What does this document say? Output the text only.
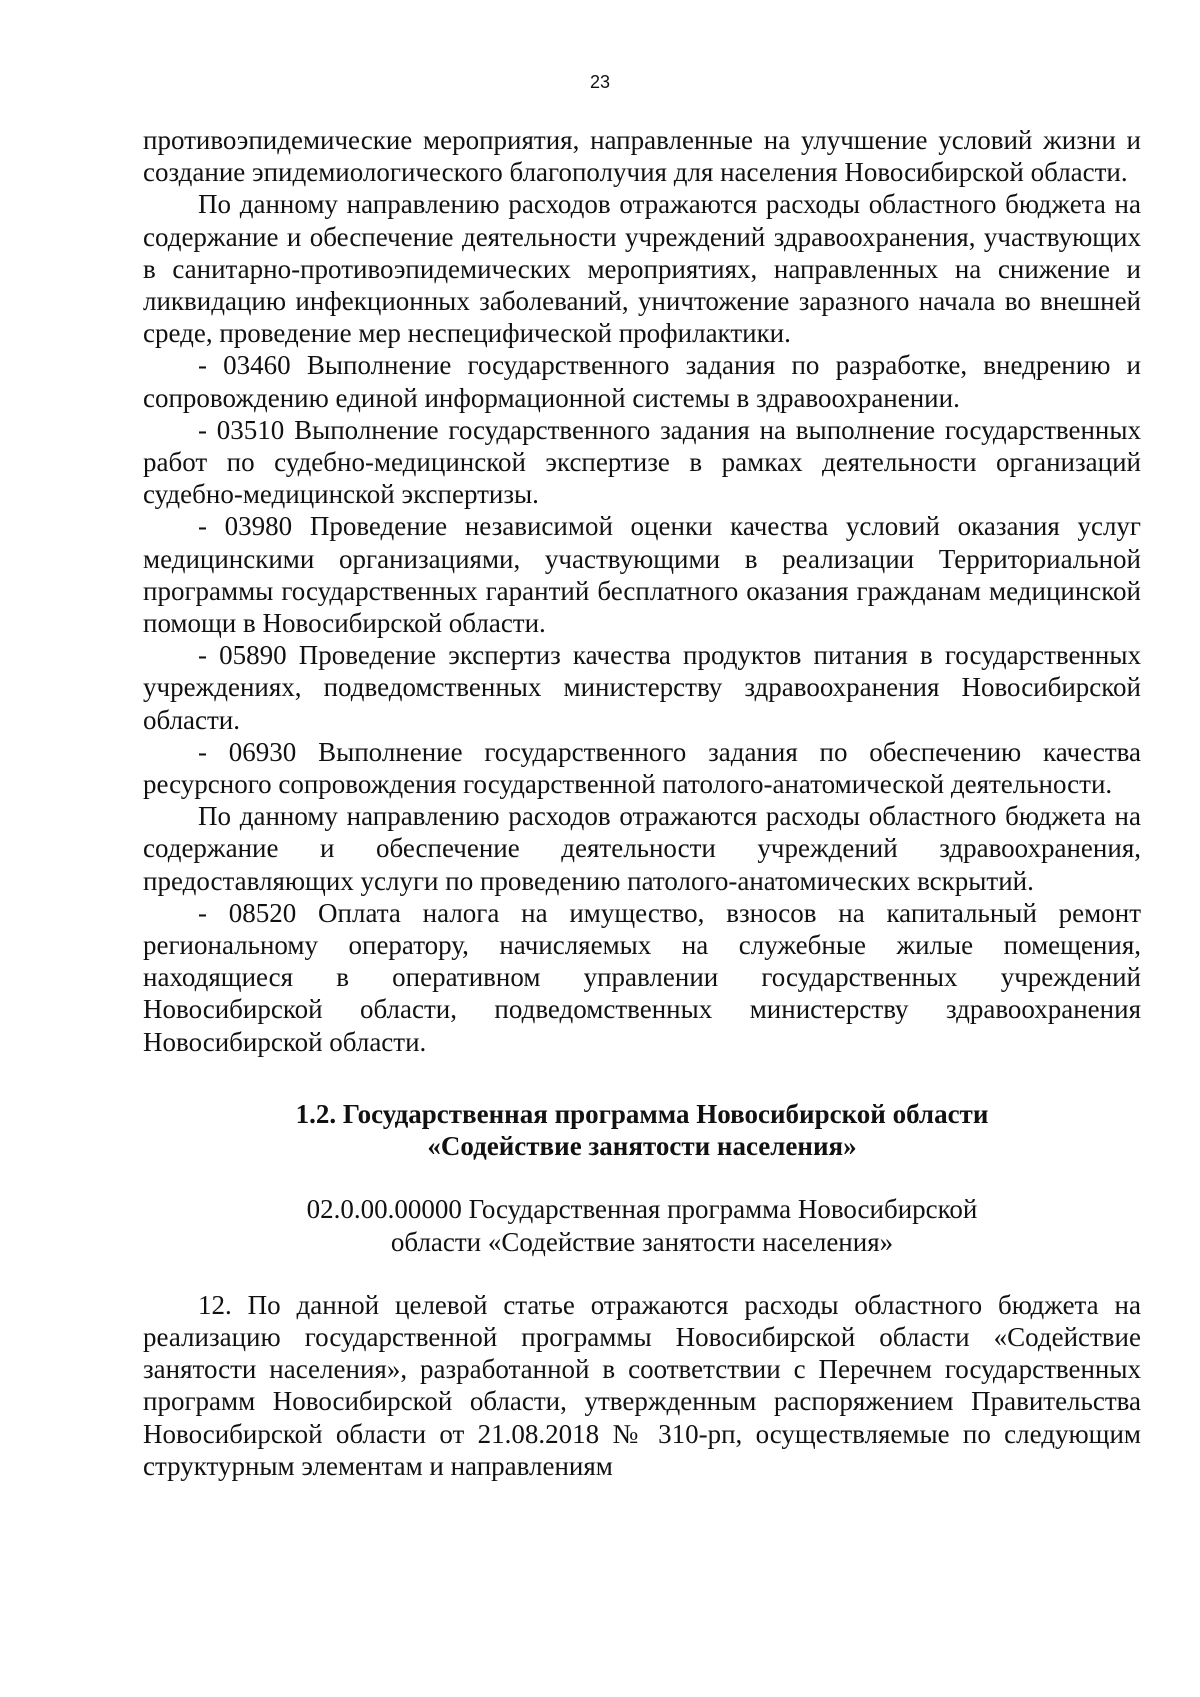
23

противоэпидемические мероприятия, направленные на улучшение условий жизни и создание эпидемиологического благополучия для населения Новосибирской области.

По данному направлению расходов отражаются расходы областного бюджета на содержание и обеспечение деятельности учреждений здравоохранения, участвующих в санитарно-противоэпидемических мероприятиях, направленных на снижение и ликвидацию инфекционных заболеваний, уничтожение заразного начала во внешней среде, проведение мер неспецифической профилактики.

- 03460 Выполнение государственного задания по разработке, внедрению и сопровождению единой информационной системы в здравоохранении.

- 03510 Выполнение государственного задания на выполнение государственных работ по судебно-медицинской экспертизе в рамках деятельности организаций судебно-медицинской экспертизы.

- 03980 Проведение независимой оценки качества условий оказания услуг медицинскими организациями, участвующими в реализации Территориальной программы государственных гарантий бесплатного оказания гражданам медицинской помощи в Новосибирской области.

- 05890 Проведение экспертиз качества продуктов питания в государственных учреждениях, подведомственных министерству здравоохранения Новосибирской области.

- 06930 Выполнение государственного задания по обеспечению качества ресурсного сопровождения государственной патолого-анатомической деятельности.

По данному направлению расходов отражаются расходы областного бюджета на содержание и обеспечение деятельности учреждений здравоохранения, предоставляющих услуги по проведению патолого-анатомических вскрытий.

- 08520 Оплата налога на имущество, взносов на капитальный ремонт региональному оператору, начисляемых на служебные жилые помещения, находящиеся в оперативном управлении государственных учреждений Новосибирской области, подведомственных министерству здравоохранения Новосибирской области.

1.2. Государственная программа Новосибирской области
«Содействие занятости населения»
02.0.00.00000 Государственная программа Новосибирской
области «Содействие занятости населения»

12. По данной целевой статье отражаются расходы областного бюджета на реализацию государственной программы Новосибирской области «Содействие занятости населения», разработанной в соответствии с Перечнем государственных программ Новосибирской области, утвержденным распоряжением Правительства Новосибирской области от 21.08.2018 № 310-рп, осуществляемые по следующим структурным элементам и направлениям
